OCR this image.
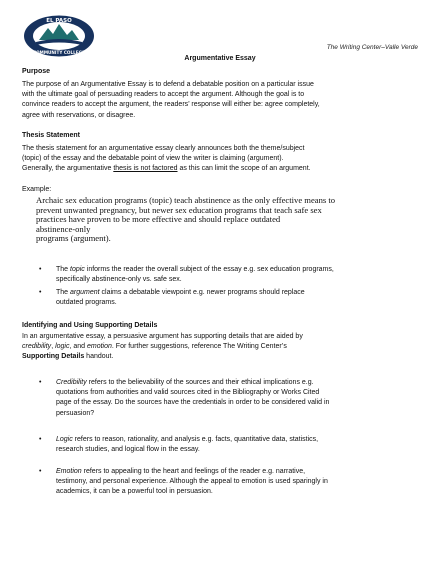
EL PASO
COMMUNITY COLLEGE
The Writing Center–Valle Verde
Argumentative Essay
Purpose
The purpose of an Argumentative Essay is to defend a debatable position on a particular issue
with the ultimate goal of persuading readers to accept the argument. Although the goal is to
convince readers to accept the argument, the readers’ response will either be: agree completely,
agree with reservations, or disagree.
Thesis Statement
The thesis statement for an argumentative essay clearly announces both the theme/subject
(topic) of the essay and the debatable point of view the writer is claiming (argument).
Generally, the argumentative thesis is not factored as this can limit the scope of an argument.
Example:
Archaic sex education programs (topic) teach abstinence as the only effective means to
prevent unwanted pregnancy, but newer sex education programs that teach safe sex
practices have proven to be more effective and should replace outdated
abstinence-only
programs (argument).
• The topic informs the reader the overall subject of the essay e.g. sex education programs,
specifically abstinence-only vs. safe sex.
• The argument claims a debatable viewpoint e.g. newer programs should replace
outdated programs.
Identifying and Using Supporting Details
In an argumentative essay, a persuasive argument has supporting details that are aided by
credibility, logic, and emotion. For further suggestions, reference The Writing Center’s
Supporting Details handout.
• Credibility refers to the believability of the sources and their ethical implications e.g.
quotations from authorities and valid sources cited in the Bibliography or Works Cited
page of the essay. Do the sources have the credentials in order to be considered valid in
persuasion?
• Logic refers to reason, rationality, and analysis e.g. facts, quantitative data, statistics,
research studies, and logical flow in the essay.
• Emotion refers to appealing to the heart and feelings of the reader e.g. narrative,
testimony, and personal experience. Although the appeal to emotion is used sparingly in
academics, it can be a powerful tool in persuasion.
